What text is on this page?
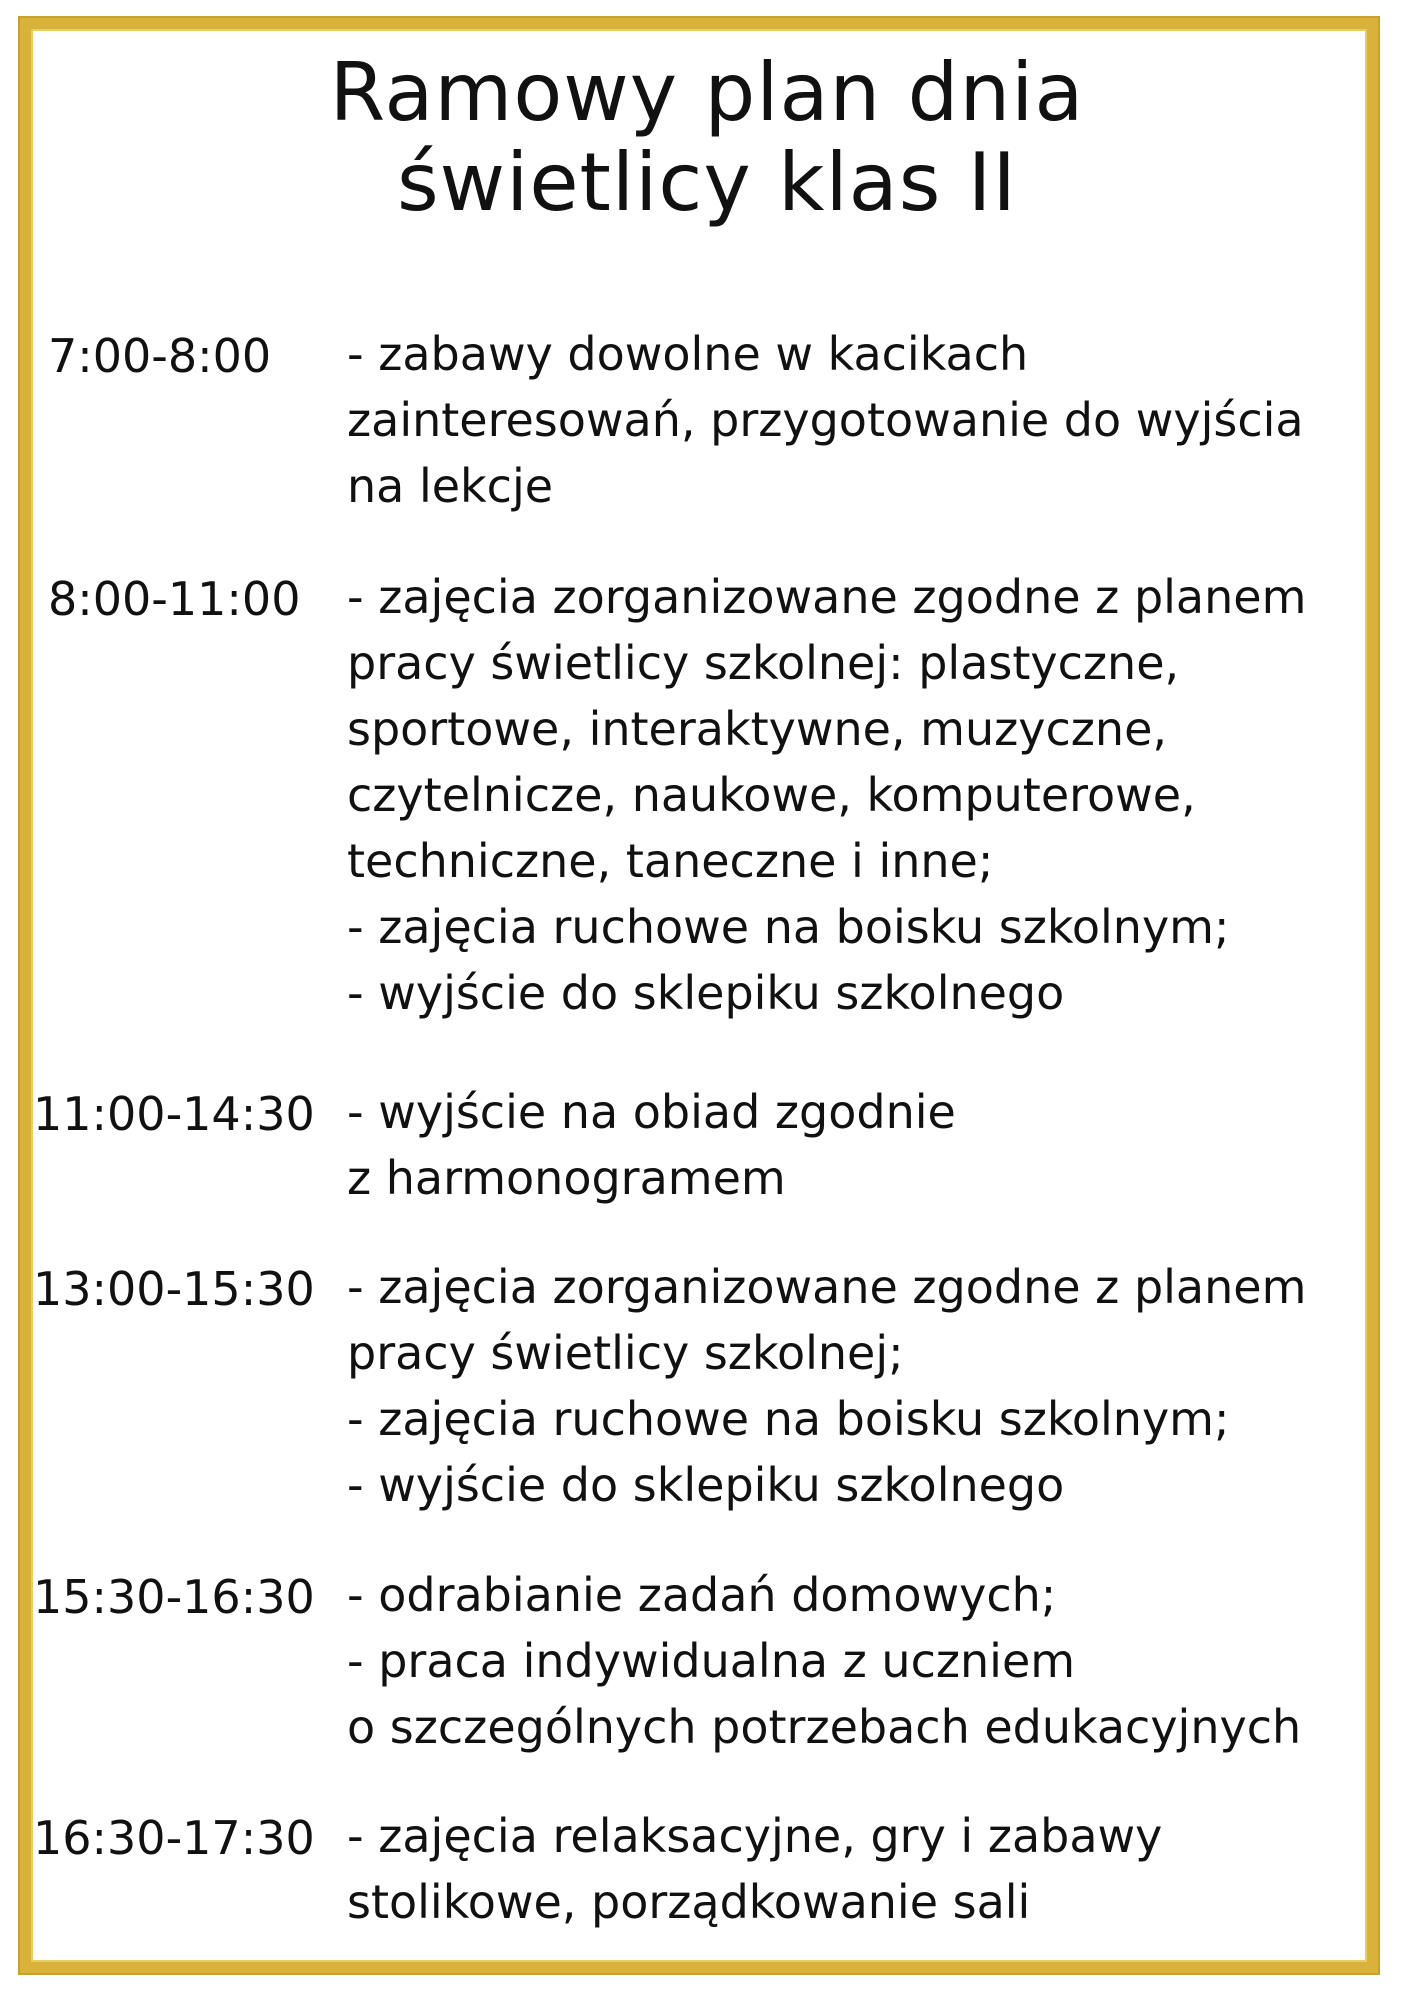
Ramowy plan dnia
świetlicy klas II
7:00-8:00 - zabawy dowolne w kacikach
zainteresowań, przygotowanie do wyjścia
na lekcje
8:00-11:00 - zajęcia zorganizowane zgodne z planem
pracy świetlicy szkolnej: plastyczne,
sportowe, interaktywne, muzyczne,
czytelnicze, naukowe, komputerowe,
techniczne, taneczne i inne;
- zajęcia ruchowe na boisku szkolnym;
- wyjście do sklepiku szkolnego
11:00-14:30 - wyjście na obiad zgodnie
z harmonogramem
13:00-15:30 - zajęcia zorganizowane zgodne z planem
pracy świetlicy szkolnej;
- zajęcia ruchowe na boisku szkolnym;
- wyjście do sklepiku szkolnego
15:30-16:30 - odrabianie zadań domowych;
- praca indywidualna z uczniem
o szczególnych potrzebach edukacyjnych
16:30-17:30 - zajęcia relaksacyjne, gry i zabawy
stolikowe, porządkowanie sali
